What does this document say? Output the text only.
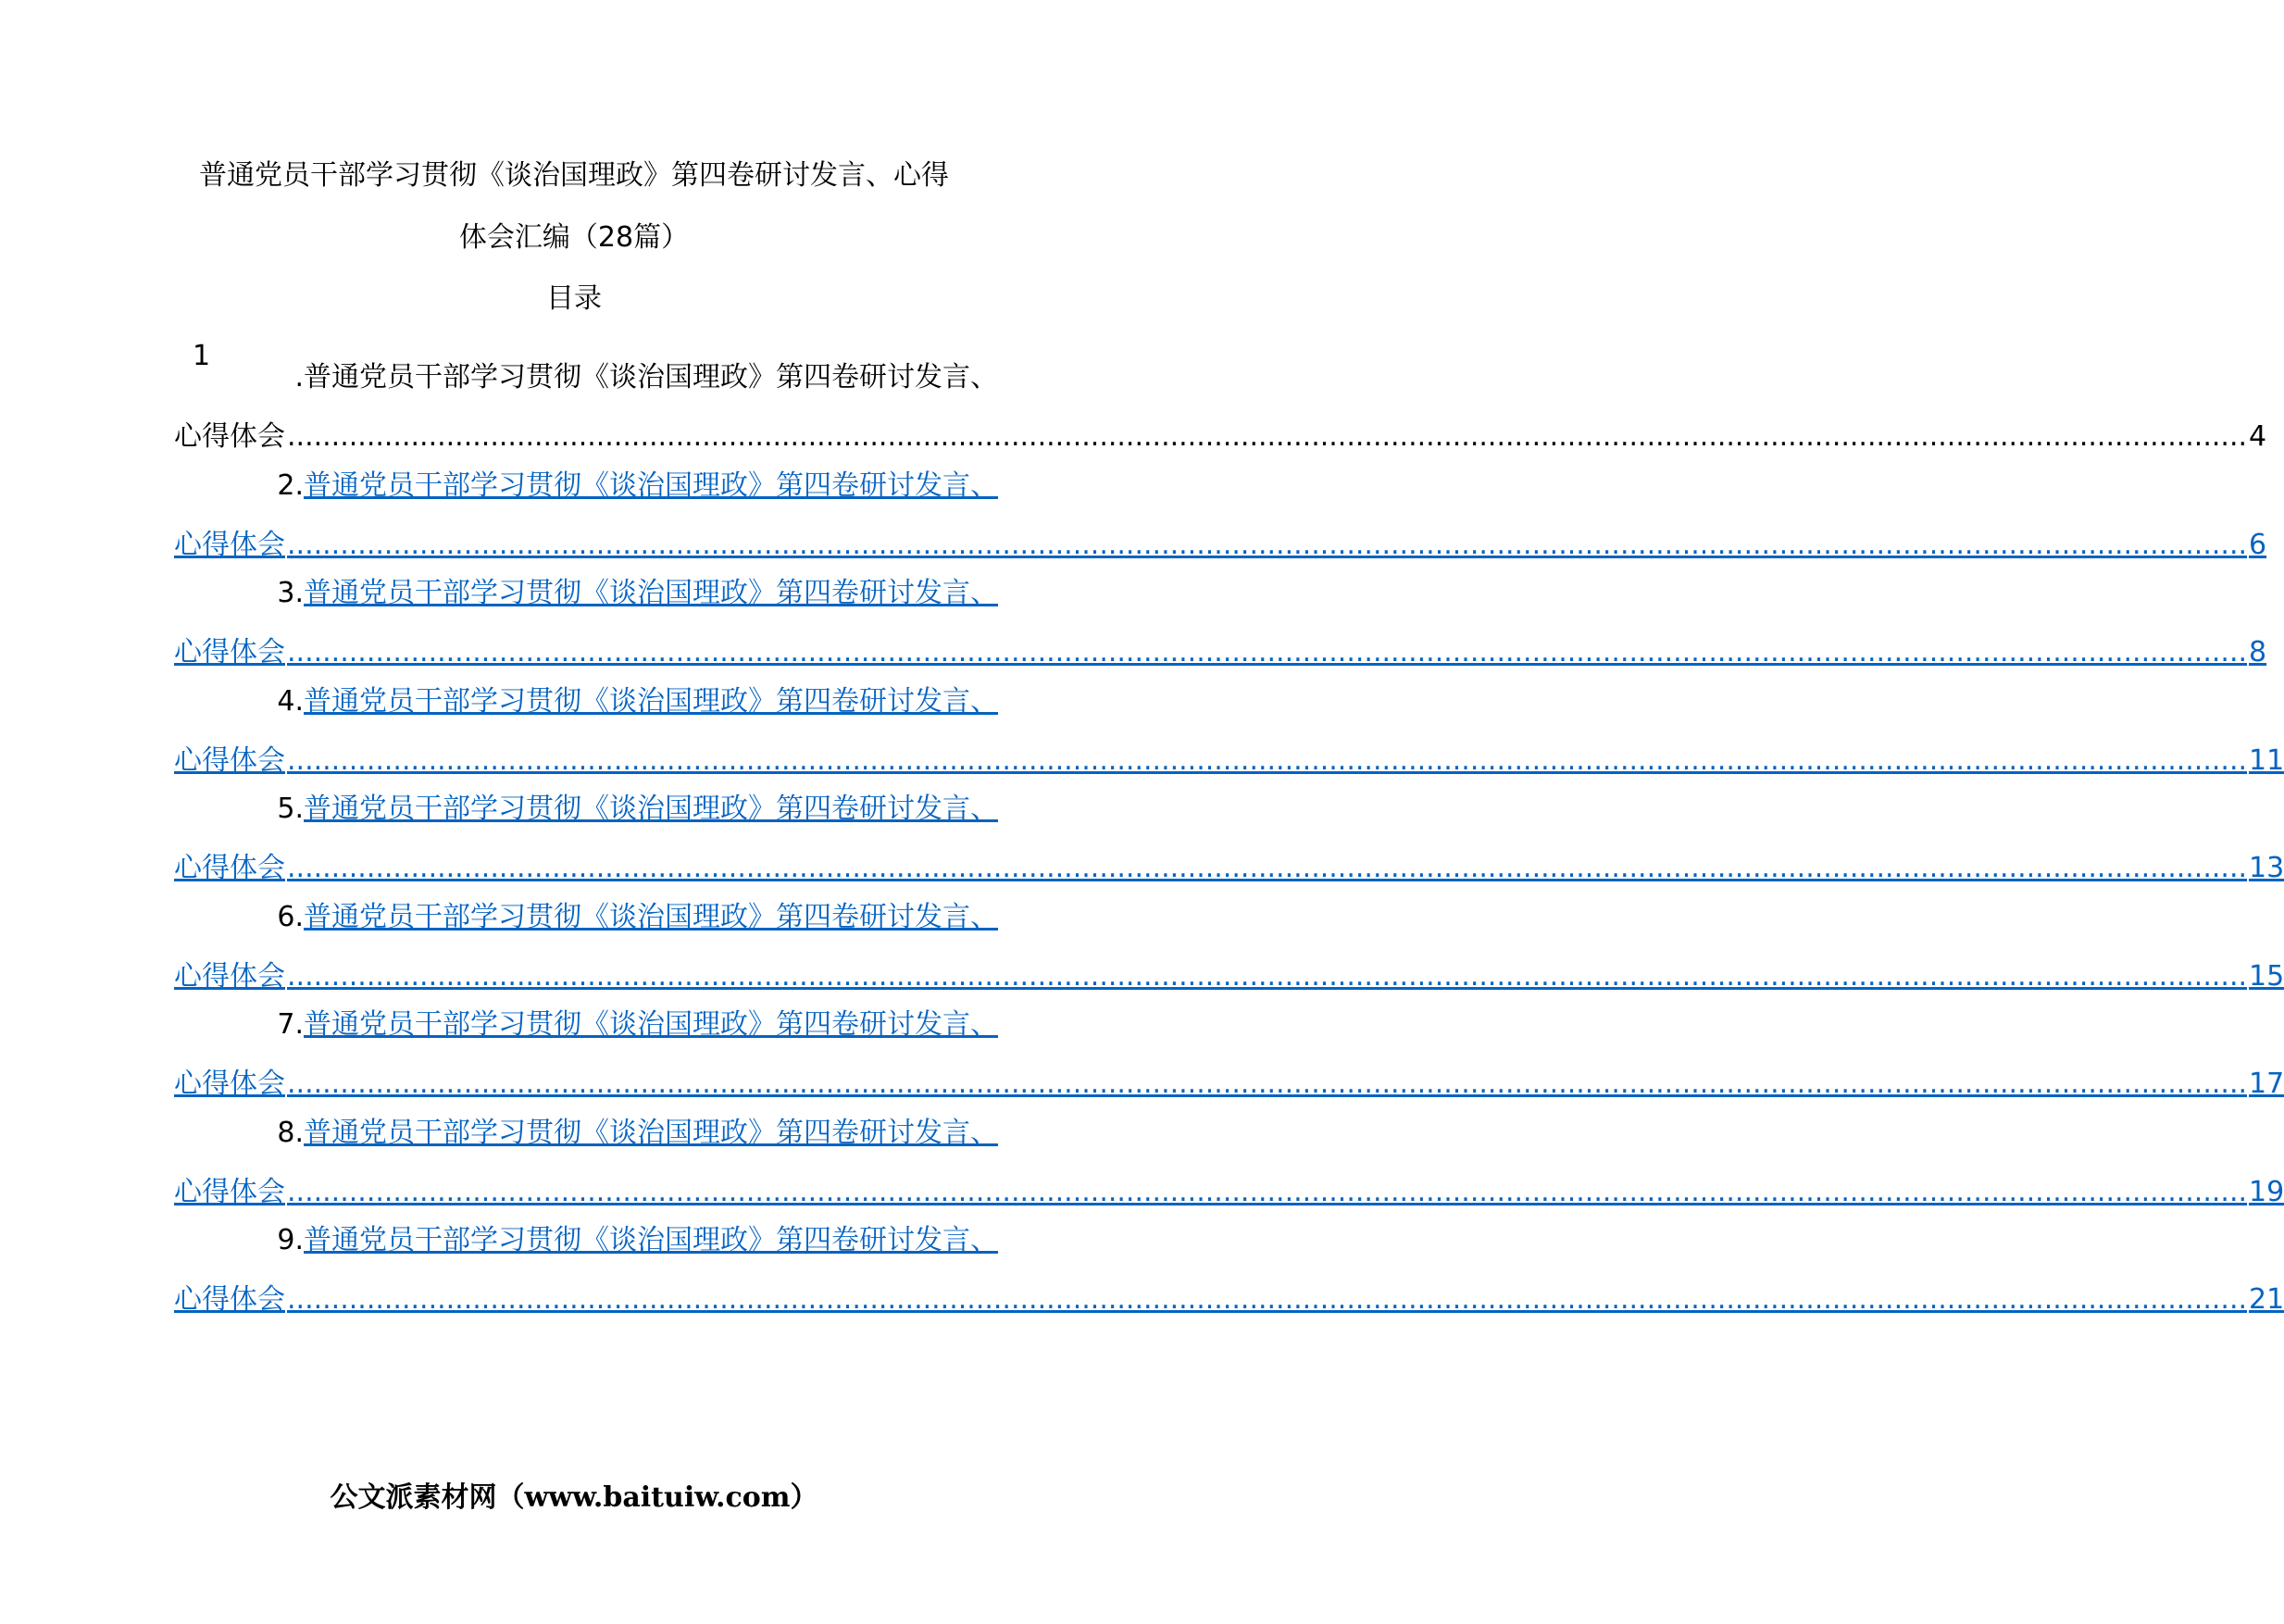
普通党员干部学习贯彻《谈治国理政》第四卷研讨发言、心得
体会汇编（28篇）
目录
1
.普通党员干部学习贯彻《谈治国理政》第四卷研讨发言、
心得体会 .............................................................................................................................................................................................................................. 4
2.普通党员干部学习贯彻《谈治国理政》第四卷研讨发言、
心得体会 .............................................................................................................................................................................................................................. 6
3.普通党员干部学习贯彻《谈治国理政》第四卷研讨发言、
心得体会 .............................................................................................................................................................................................................................. 8
4.普通党员干部学习贯彻《谈治国理政》第四卷研讨发言、
心得体会 .............................................................................................................................................................................................................................. 11
5.普通党员干部学习贯彻《谈治国理政》第四卷研讨发言、
心得体会 .............................................................................................................................................................................................................................. 13
6.普通党员干部学习贯彻《谈治国理政》第四卷研讨发言、
心得体会 .............................................................................................................................................................................................................................. 15
7.普通党员干部学习贯彻《谈治国理政》第四卷研讨发言、
心得体会 .............................................................................................................................................................................................................................. 17
8.普通党员干部学习贯彻《谈治国理政》第四卷研讨发言、
心得体会 .............................................................................................................................................................................................................................. 19
9.普通党员干部学习贯彻《谈治国理政》第四卷研讨发言、
心得体会 .............................................................................................................................................................................................................................. 21
公文派素材网（www.baituiw.com）
